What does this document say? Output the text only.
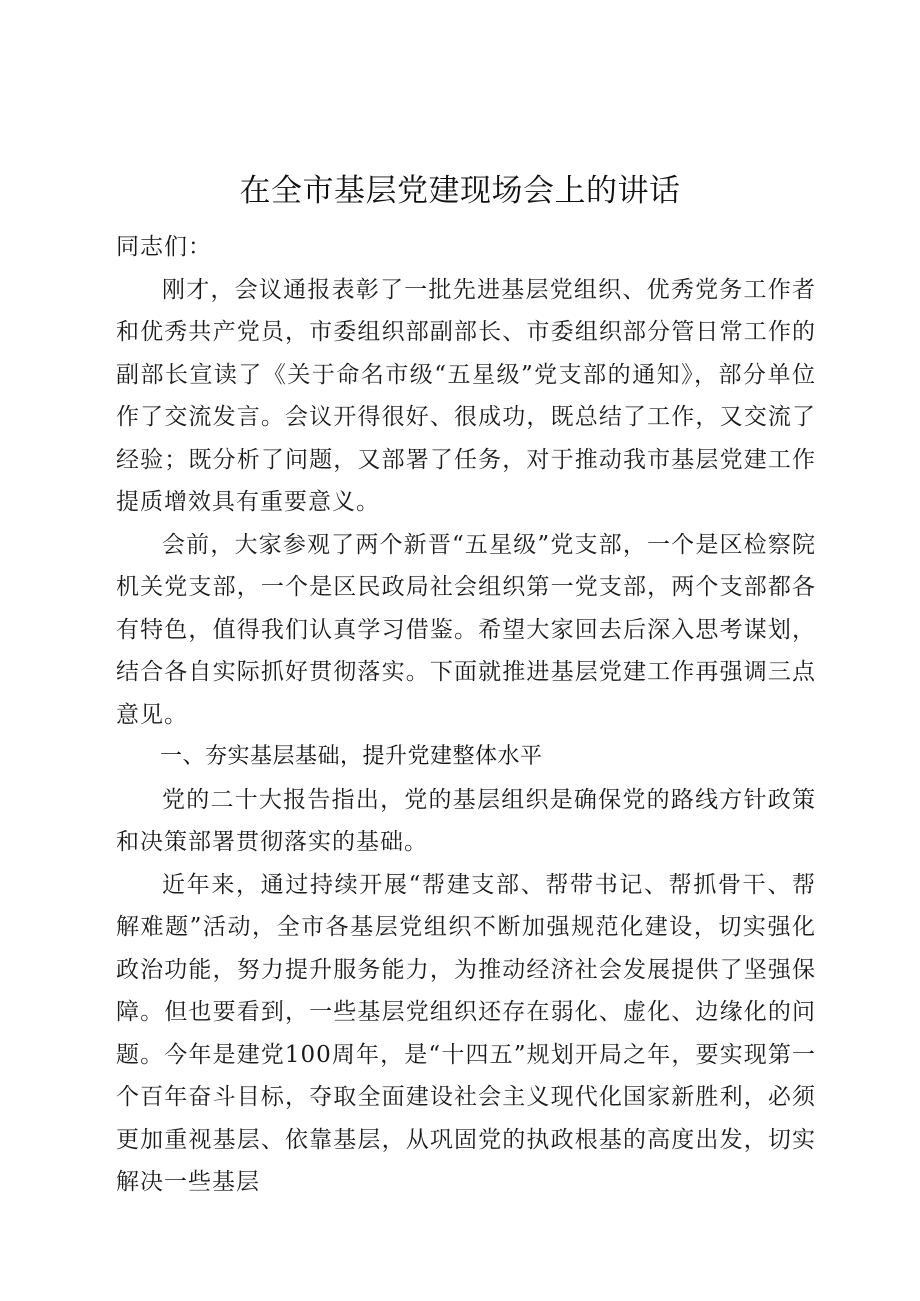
在全市基层党建现场会上的讲话

同志们：

刚才，会议通报表彰了一批先进基层党组织、优秀党务工作者和优秀共产党员，市委组织部副部长、市委组织部分管日常工作的副部长宣读了《关于命名市级“五星级”党支部的通知》，部分单位作了交流发言。会议开得很好、很成功，既总结了工作，又交流了经验；既分析了问题，又部署了任务，对于推动我市基层党建工作提质增效具有重要意义。

会前，大家参观了两个新晋“五星级”党支部，一个是区检察院机关党支部，一个是区民政局社会组织第一党支部，两个支部都各有特色，值得我们认真学习借鉴。希望大家回去后深入思考谋划，结合各自实际抓好贯彻落实。下面就推进基层党建工作再强调三点意见。

一、夯实基层基础，提升党建整体水平

党的二十大报告指出，党的基层组织是确保党的路线方针政策和决策部署贯彻落实的基础。

近年来，通过持续开展“帮建支部、帮带书记、帮抓骨干、帮解难题”活动，全市各基层党组织不断加强规范化建设，切实强化政治功能，努力提升服务能力，为推动经济社会发展提供了坚强保障。但也要看到，一些基层党组织还存在弱化、虚化、边缘化的问题。今年是建党100周年，是“十四五”规划开局之年，要实现第一个百年奋斗目标，夺取全面建设社会主义现代化国家新胜利，必须更加重视基层、依靠基层，从巩固党的执政根基的高度出发，切实解决一些基层
